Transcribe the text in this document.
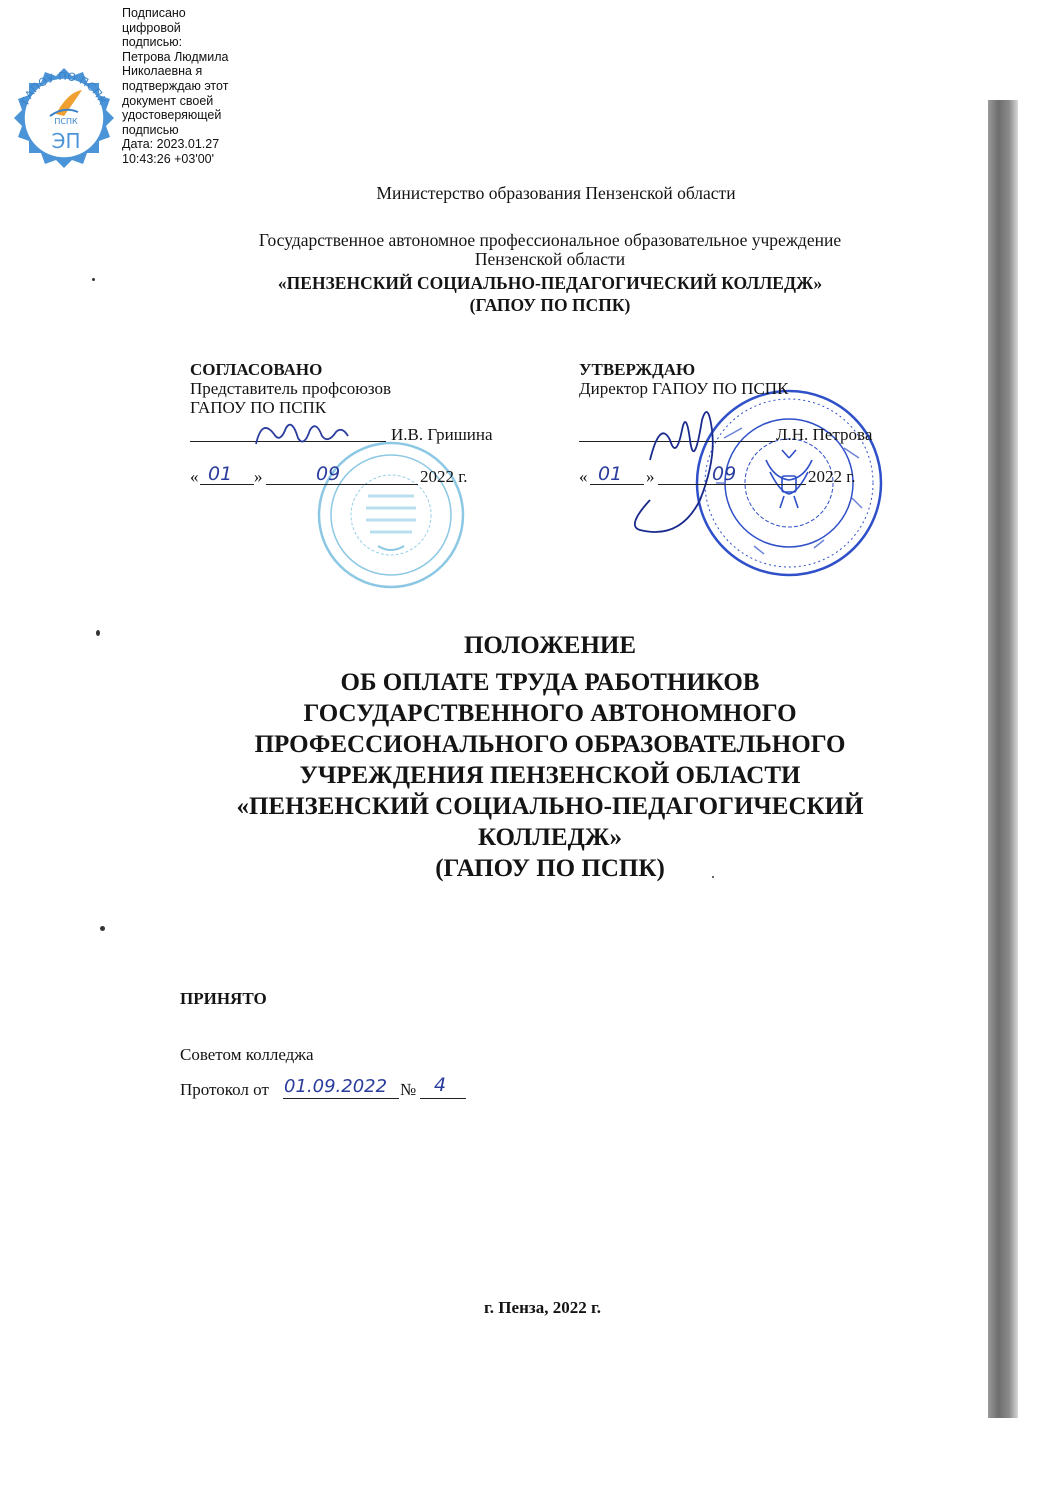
ГАПОУ ПО ПСПК
ПСПК
ЭП
Подписано
цифровой
подписью:
Петрова Людмила
Николаевна я
подтверждаю этот
документ своей
удостоверяющей
подписью
Дата: 2023.01.27
10:43:26 +03'00'
Министерство образования Пензенской области
Государственное автономное профессиональное образовательное учреждение
Пензенской области
«ПЕНЗЕНСКИЙ СОЦИАЛЬНО-ПЕДАГОГИЧЕСКИЙ КОЛЛЕДЖ»
(ГАПОУ ПО ПСПК)
СОГЛАСОВАНО
Представитель профсоюзов
ГАПОУ ПО ПСПК
И.В. Гришина
« 01 »	09	2022 г.
УТВЕРЖДАЮ
Директор ГАПОУ ПО ПСПК
Л.Н. Петрова
« 01 »	09	2022 г.
ПОЛОЖЕНИЕ
ОБ ОПЛАТЕ ТРУДА РАБОТНИКОВ
ГОСУДАРСТВЕННОГО АВТОНОМНОГО
ПРОФЕССИОНАЛЬНОГО ОБРАЗОВАТЕЛЬНОГО
УЧРЕЖДЕНИЯ ПЕНЗЕНСКОЙ ОБЛАСТИ
«ПЕНЗЕНСКИЙ СОЦИАЛЬНО-ПЕДАГОГИЧЕСКИЙ
КОЛЛЕДЖ»
(ГАПОУ ПО ПСПК)
ПРИНЯТО
Советом колледжа
Протокол от 01.09.2022 № 4
г. Пенза, 2022 г.
